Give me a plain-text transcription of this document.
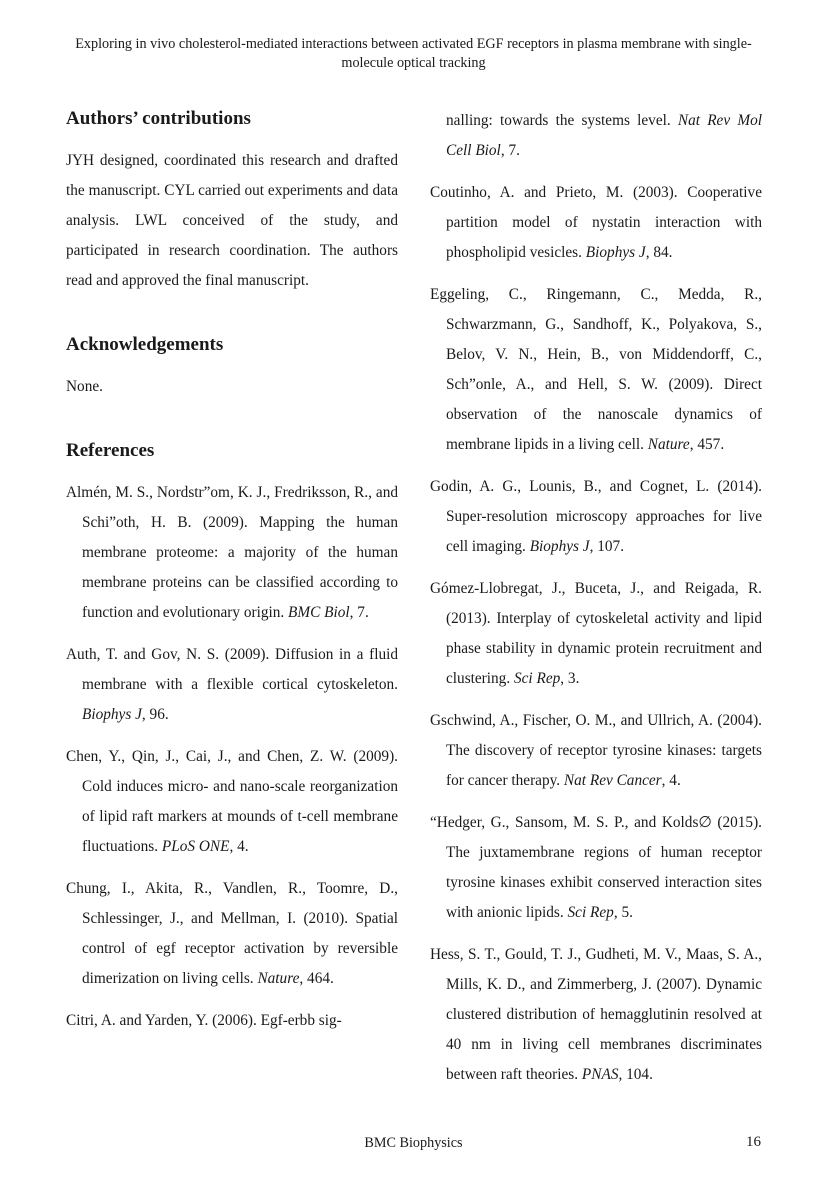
Exploring in vivo cholesterol-mediated interactions between activated EGF receptors in plasma membrane with single-molecule optical tracking
Authors’ contributions

JYH designed, coordinated this research and drafted the manuscript. CYL carried out experiments and data analysis. LWL conceived of the study, and participated in research coordination. The authors read and approved the final manuscript.

Acknowledgements

None.

References

Almén, M. S., Nordstr”om, K. J., Fredriksson, R., and Schi”oth, H. B. (2009). Mapping the human membrane proteome: a majority of the human membrane proteins can be classified according to function and evolutionary origin. BMC Biol, 7.

Auth, T. and Gov, N. S. (2009). Diffusion in a fluid membrane with a flexible cortical cytoskeleton. Biophys J, 96.

Chen, Y., Qin, J., Cai, J., and Chen, Z. W. (2009). Cold induces micro- and nano-scale reorganization of lipid raft markers at mounds of t-cell membrane fluctuations. PLoS ONE, 4.

Chung, I., Akita, R., Vandlen, R., Toomre, D., Schlessinger, J., and Mellman, I. (2010). Spatial control of egf receptor activation by reversible dimerization on living cells. Nature, 464.

Citri, A. and Yarden, Y. (2006). Egf-erbb sig-

nalling: towards the systems level. Nat Rev Mol Cell Biol, 7.

Coutinho, A. and Prieto, M. (2003). Cooperative partition model of nystatin interaction with phospholipid vesicles. Biophys J, 84.

Eggeling, C., Ringemann, C., Medda, R., Schwarzmann, G., Sandhoff, K., Polyakova, S., Belov, V. N., Hein, B., von Middendorff, C., Sch”onle, A., and Hell, S. W. (2009). Direct observation of the nanoscale dynamics of membrane lipids in a living cell. Nature, 457.

Godin, A. G., Lounis, B., and Cognet, L. (2014). Super-resolution microscopy approaches for live cell imaging. Biophys J, 107.

Gómez-Llobregat, J., Buceta, J., and Reigada, R. (2013). Interplay of cytoskeletal activity and lipid phase stability in dynamic protein recruitment and clustering. Sci Rep, 3.

Gschwind, A., Fischer, O. M., and Ullrich, A. (2004). The discovery of receptor tyrosine kinases: targets for cancer therapy. Nat Rev Cancer, 4.

“Hedger, G., Sansom, M. S. P., and Kolds∅ (2015). The juxtamembrane regions of human receptor tyrosine kinases exhibit conserved interaction sites with anionic lipids. Sci Rep, 5.

Hess, S. T., Gould, T. J., Gudheti, M. V., Maas, S. A., Mills, K. D., and Zimmerberg, J. (2007). Dynamic clustered distribution of hemagglutinin resolved at 40 nm in living cell membranes discriminates between raft theories. PNAS, 104.

BMC Biophysics	16
